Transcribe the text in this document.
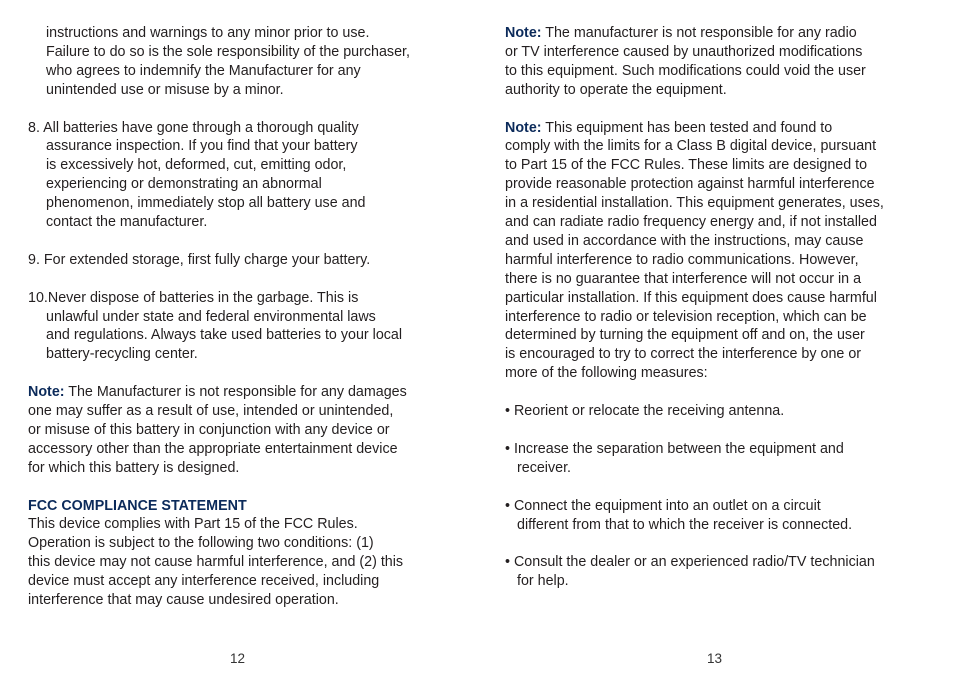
instructions and warnings to any minor prior to use.
Failure to do so is the sole responsibility of the purchaser,
who agrees to indemnify the Manufacturer for any
unintended use or misuse by a minor.

8. All batteries have gone through a thorough quality
assurance inspection. If you find that your battery
is excessively hot, deformed, cut, emitting odor,
experiencing or demonstrating an abnormal
phenomenon, immediately stop all battery use and
contact the manufacturer.

9. For extended storage, first fully charge your battery.

10.Never dispose of batteries in the garbage. This is
unlawful under state and federal environmental laws
and regulations. Always take used batteries to your local
battery-recycling center.

Note: The Manufacturer is not responsible for any damages
one may suffer as a result of use, intended or unintended,
or misuse of this battery in conjunction with any device or
accessory other than the appropriate entertainment device
for which this battery is designed.

FCC COMPLIANCE STATEMENT

This device complies with Part 15 of the FCC Rules.
Operation is subject to the following two conditions: (1)
this device may not cause harmful interference, and (2) this
device must accept any interference received, including
interference that may cause undesired operation.

Note: The manufacturer is not responsible for any radio
or TV interference caused by unauthorized modifications
to this equipment. Such modifications could void the user
authority to operate the equipment.

Note: This equipment has been tested and found to
comply with the limits for a Class B digital device, pursuant
to Part 15 of the FCC Rules. These limits are designed to
provide reasonable protection against harmful interference
in a residential installation. This equipment generates, uses,
and can radiate radio frequency energy and, if not installed
and used in accordance with the instructions, may cause
harmful interference to radio communications. However,
there is no guarantee that interference will not occur in a
particular installation. If this equipment does cause harmful
interference to radio or television reception, which can be
determined by turning the equipment off and on, the user
is encouraged to try to correct the interference by one or
more of the following measures:

• Reorient or relocate the receiving antenna.

• Increase the separation between the equipment and
receiver.

• Connect the equipment into an outlet on a circuit
different from that to which the receiver is connected.

• Consult the dealer or an experienced radio/TV technician
for help.

12	13
